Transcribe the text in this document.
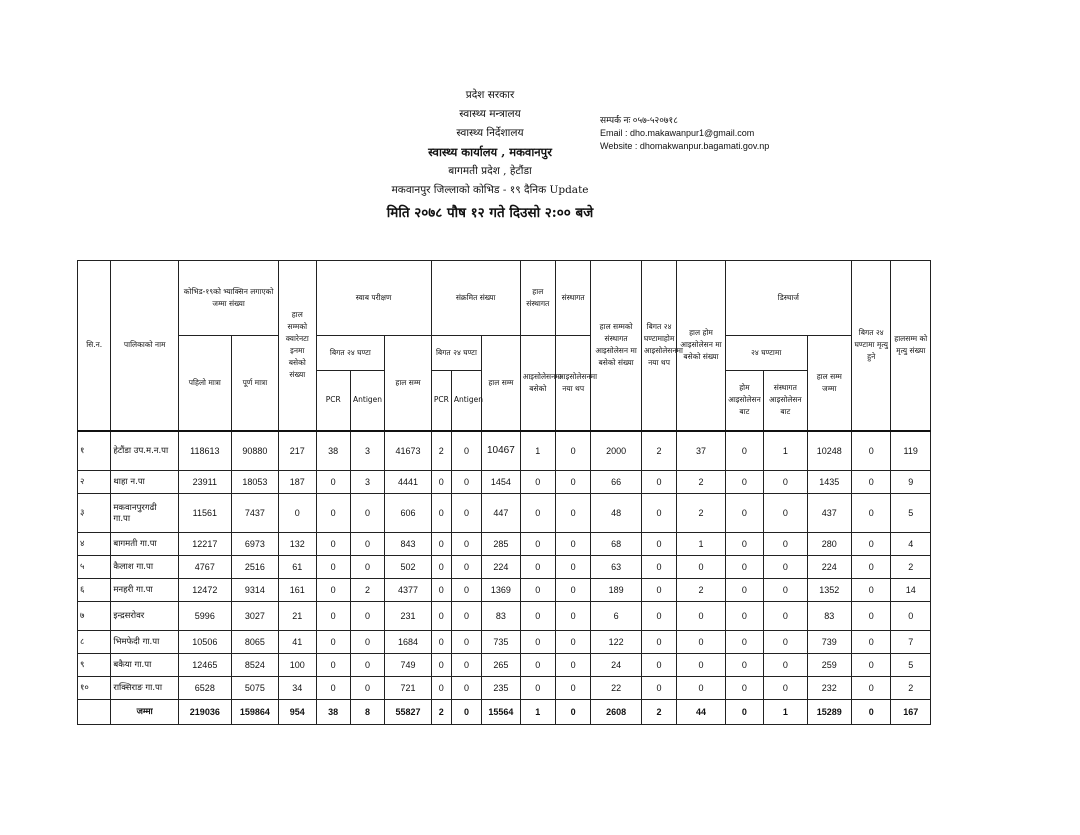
प्रदेश सरकार
स्वास्थ्य मन्त्रालय
स्वास्थ्य निर्देशालय
स्वास्थ्य कार्यालय , मकवानपुर
बागमती प्रदेश , हेटौंडा
मकवानपुर जिल्लाको कोभिड - १९ दैनिक Update
मिति २०७८ पौष १२ गते दिउसो २:०० बजे
सम्पर्क नः ०५७-५२०७१८
Email : dho.makawanpur1@gmail.com
Website : dhomakwanpur.bagamati.gov.np
सि.न.	पालिकाको नाम	कोभिड-१९को भ्याक्सिन लगाएको जम्मा संख्या		हाल सम्मको क्वारेनटा इनमा बसेको संख्या	स्वाब परीक्षण			संक्रमित संख्या			हाल संस्थागत	संस्थागत	हाल सम्मको संस्थागत आइसोलेसन मा बसेको संख्या	बिगत २४ घण्टामाहोम आइसोलेसनमा नया थप	हाल होम आइसोलेसन मा बसेको संख्या	डिस्चार्ज			बिगत २४ घण्टामा मृत्यु हुने	हालसम्म को मृत्यु संख्या
		पहिलो मात्रा	पूर्ण मात्रा		बिगत २४ घण्टा		हाल सम्म	बिगत २४ घण्टा		हाल सम्म	आइसोलेसनमा बसेको	आइसोलेसनमा नया थप				२४ घण्टामा		हाल सम्म जम्मा		
					PCR	Antigen		PCR	Antigen							होम आइसोलेसन बाट	संस्थागत आइसोलेसन बाट			
१	हेटौंडा उप.म.न.पा	118613	90880	217	38	3	41673	2	0	10467	1	0	2000	2	37	0	1	10248	0	119
२	थाहा न.पा	23911	18053	187	0	3	4441	0	0	1454	0	0	66	0	2	0	0	1435	0	9
३	मकवानपुरगढी गा.पा	11561	7437	0	0	0	606	0	0	447	0	0	48	0	2	0	0	437	0	5
४	बागमती गा.पा	12217	6973	132	0	0	843	0	0	285	0	0	68	0	1	0	0	280	0	4
५	कैलाश गा.पा	4767	2516	61	0	0	502	0	0	224	0	0	63	0	0	0	0	224	0	2
६	मनहरी गा.पा	12472	9314	161	0	2	4377	0	0	1369	0	0	189	0	2	0	0	1352	0	14
७	इन्द्रसरोवर	5996	3027	21	0	0	231	0	0	83	0	0	6	0	0	0	0	83	0	0
८	भिमफेदी गा.पा	10506	8065	41	0	0	1684	0	0	735	0	0	122	0	0	0	0	739	0	7
९	बकैया गा.पा	12465	8524	100	0	0	749	0	0	265	0	0	24	0	0	0	0	259	0	5
१०	राक्सिराङ गा.पा	6528	5075	34	0	0	721	0	0	235	0	0	22	0	0	0	0	232	0	2
	जम्मा	219036	159864	954	38	8	55827	2	0	15564	1	0	2608	2	44	0	1	15289	0	167
